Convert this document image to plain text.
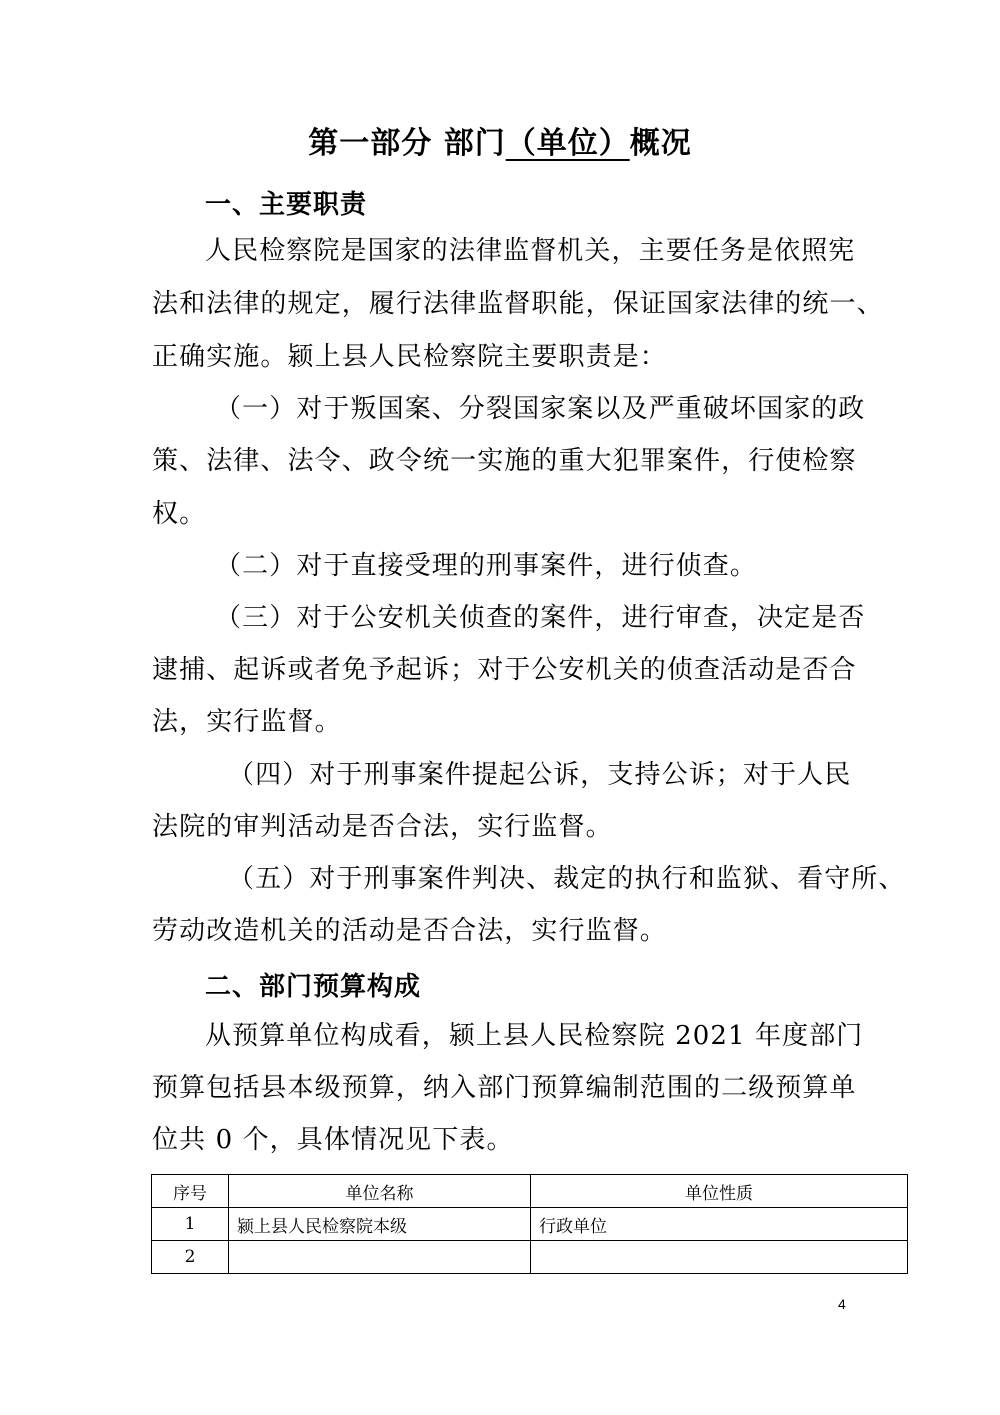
第一部分 部门（单位）概况
一、主要职责
人民检察院是国家的法律监督机关，主要任务是依照宪
法和法律的规定，履行法律监督职能，保证国家法律的统一、
正确实施。颍上县人民检察院主要职责是：
（一）对于叛国案、分裂国家案以及严重破坏国家的政
策、法律、法令、政令统一实施的重大犯罪案件，行使检察
权。
（二）对于直接受理的刑事案件，进行侦查。
（三）对于公安机关侦查的案件，进行审查，决定是否
逮捕、起诉或者免予起诉；对于公安机关的侦查活动是否合
法，实行监督。
（四）对于刑事案件提起公诉，支持公诉；对于人民
法院的审判活动是否合法，实行监督。
（五）对于刑事案件判决、裁定的执行和监狱、看守所、
劳动改造机关的活动是否合法，实行监督。
二、部门预算构成
从预算单位构成看，颍上县人民检察院 2021 年度部门
预算包括县本级预算，纳入部门预算编制范围的二级预算单
位共 0 个，具体情况见下表。
序号	单位名称	单位性质
1	颍上县人民检察院本级	行政单位
2		
4
